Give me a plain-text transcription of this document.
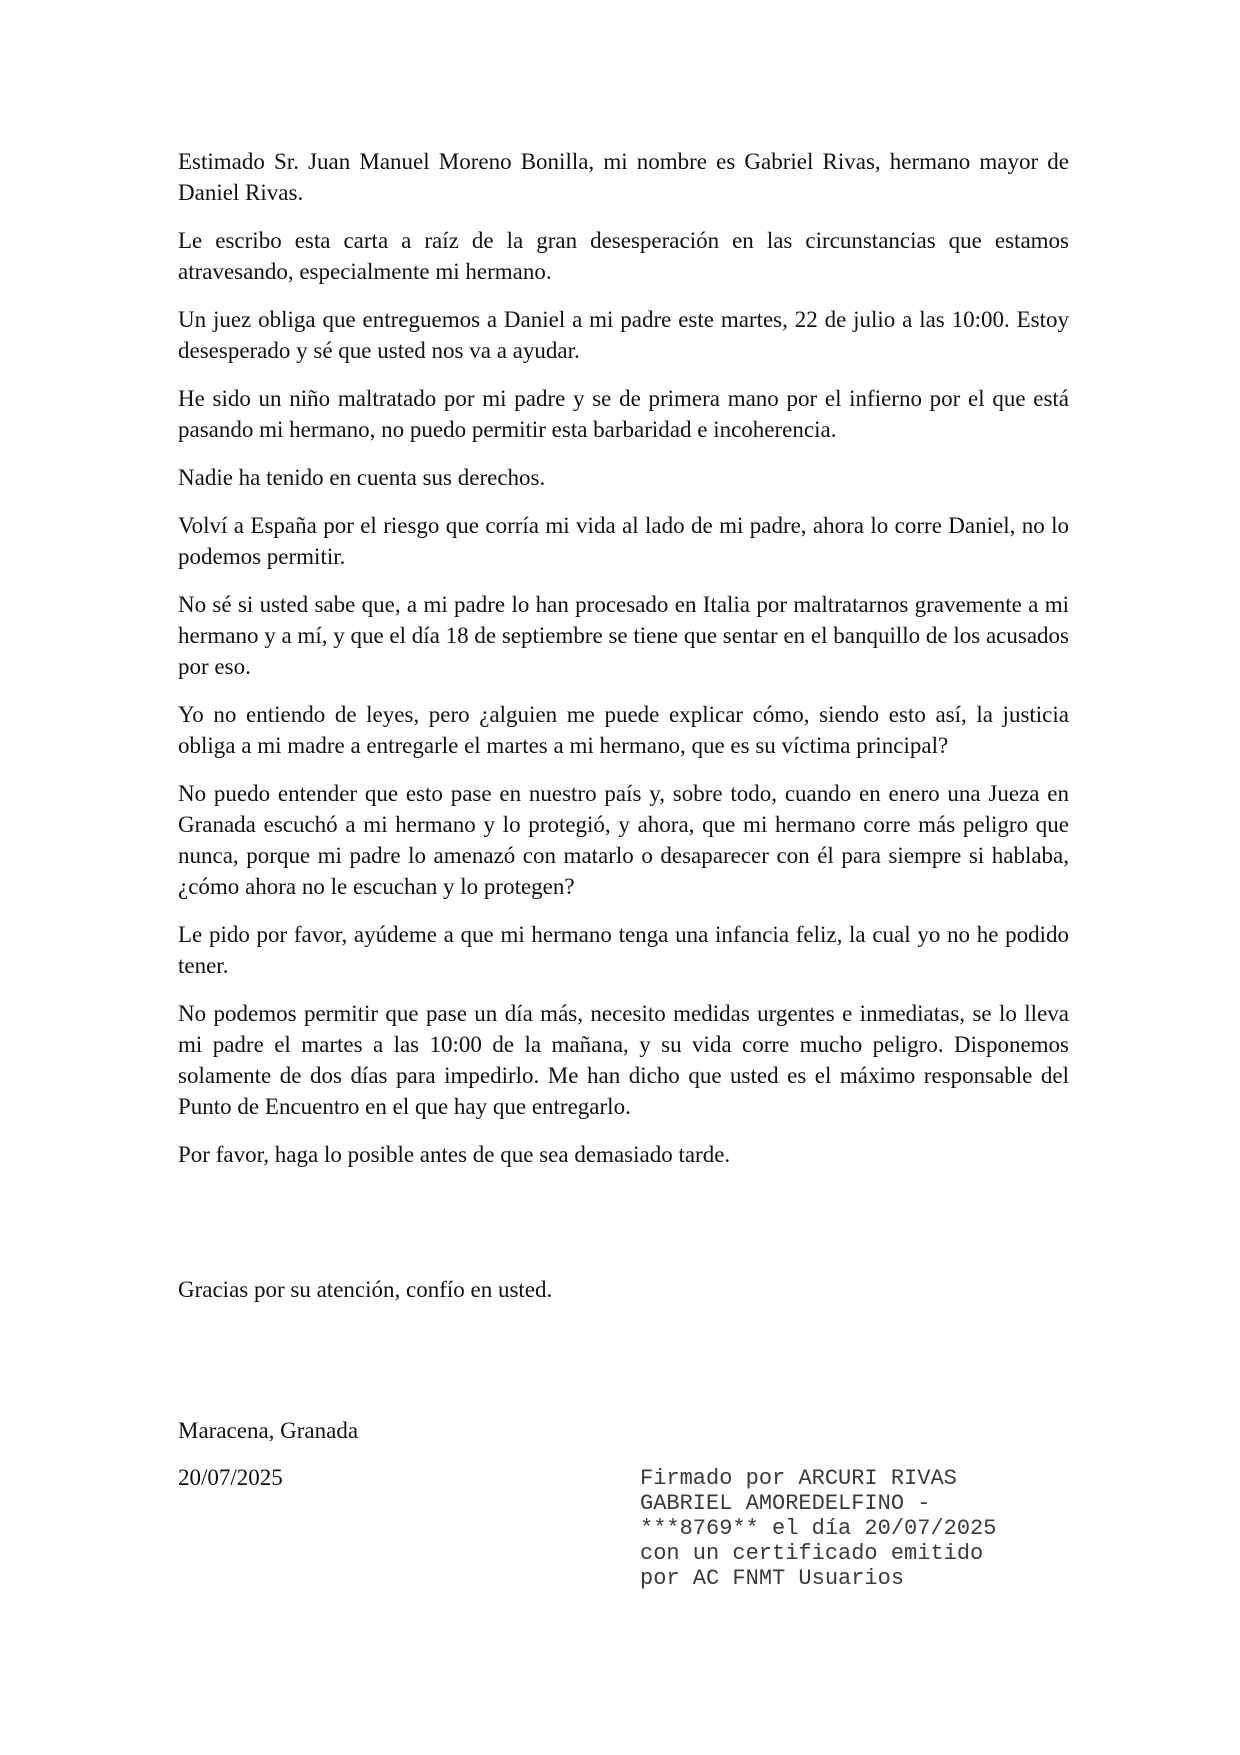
Estimado Sr. Juan Manuel Moreno Bonilla, mi nombre es Gabriel Rivas, hermano mayor de Daniel Rivas.

Le escribo esta carta a raíz de la gran desesperación en las circunstancias que estamos atravesando, especialmente mi hermano.

Un juez obliga que entreguemos a Daniel a mi padre este martes, 22 de julio a las 10:00. Estoy desesperado y sé que usted nos va a ayudar.

He sido un niño maltratado por mi padre y se de primera mano por el infierno por el que está pasando mi hermano, no puedo permitir esta barbaridad e incoherencia.

Nadie ha tenido en cuenta sus derechos.

Volví a España por el riesgo que corría mi vida al lado de mi padre, ahora lo corre Daniel, no lo podemos permitir.

No sé si usted sabe que, a mi padre lo han procesado en Italia por maltratarnos gravemente a mi hermano y a mí, y que el día 18 de septiembre se tiene que sentar en el banquillo de los acusados por eso.

Yo no entiendo de leyes, pero ¿alguien me puede explicar cómo, siendo esto así, la justicia obliga a mi madre a entregarle el martes a mi hermano, que es su víctima principal?

No puedo entender que esto pase en nuestro país y, sobre todo, cuando en enero una Jueza en Granada escuchó a mi hermano y lo protegió, y ahora, que mi hermano corre más peligro que nunca, porque mi padre lo amenazó con matarlo o desaparecer con él para siempre si hablaba, ¿cómo ahora no le escuchan y lo protegen?

Le pido por favor, ayúdeme a que mi hermano tenga una infancia feliz, la cual yo no he podido tener.

No podemos permitir que pase un día más, necesito medidas urgentes e inmediatas, se lo lleva mi padre el martes a las 10:00 de la mañana, y su vida corre mucho peligro. Disponemos solamente de dos días para impedirlo. Me han dicho que usted es el máximo responsable del Punto de Encuentro en el que hay que entregarlo.

Por favor, haga lo posible antes de que sea demasiado tarde.

Gracias por su atención, confío en usted.

Maracena, Granada

20/07/2025	Firmado por ARCURI RIVAS
GABRIEL AMOREDELFINO -
***8769** el día 20/07/2025
con un certificado emitido
por AC FNMT Usuarios
